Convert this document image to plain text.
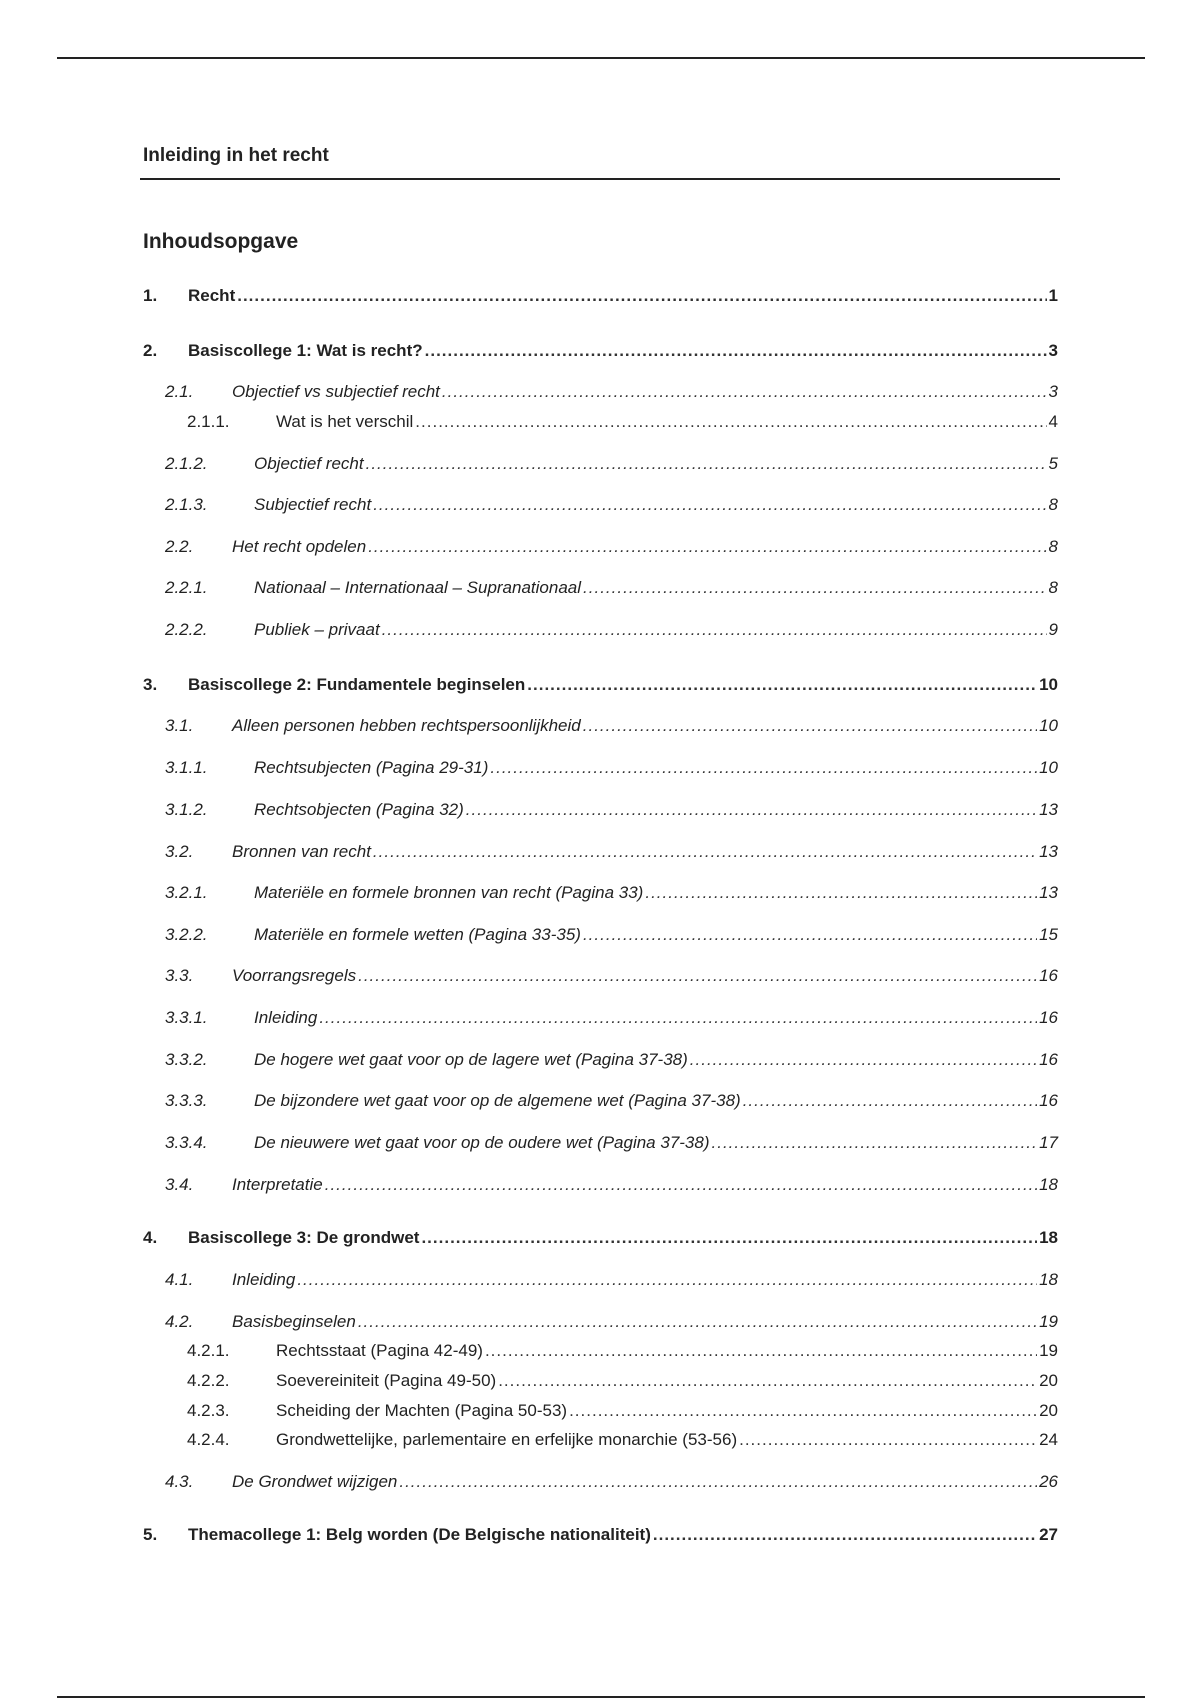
Inleiding in het recht
Inhoudsopgave
1.	Recht .....	1
2.	Basiscollege 1: Wat is recht? .....	3
2.1.	Objectief vs subjectief recht .....	3
2.1.1.	Wat is het verschil .....	4
2.1.2.	Objectief recht .....	5
2.1.3.	Subjectief recht .....	8
2.2.	Het recht opdelen .....	8
2.2.1.	Nationaal – Internationaal – Supranationaal .....	8
2.2.2.	Publiek – privaat .....	9
3.	Basiscollege 2: Fundamentele beginselen .....	10
3.1.	Alleen personen hebben rechtspersoonlijkheid .....	10
3.1.1.	Rechtsubjecten (Pagina 29-31) .....	10
3.1.2.	Rechtsobjecten (Pagina 32) .....	13
3.2.	Bronnen van recht .....	13
3.2.1.	Materiële en formele bronnen van recht (Pagina 33) .....	13
3.2.2.	Materiële en formele wetten (Pagina 33-35) .....	15
3.3.	Voorrangsregels .....	16
3.3.1.	Inleiding .....	16
3.3.2.	De hogere wet gaat voor op de lagere wet (Pagina 37-38) .....	16
3.3.3.	De bijzondere wet gaat voor op de algemene wet (Pagina 37-38) .....	16
3.3.4.	De nieuwere wet gaat voor op de oudere wet (Pagina 37-38) .....	17
3.4.	Interpretatie .....	18
4.	Basiscollege 3: De grondwet .....	18
4.1.	Inleiding .....	18
4.2.	Basisbeginselen .....	19
4.2.1.	Rechtsstaat (Pagina 42-49) .....	19
4.2.2.	Soevereiniteit (Pagina 49-50) .....	20
4.2.3.	Scheiding der Machten (Pagina 50-53) .....	20
4.2.4.	Grondwettelijke, parlementaire en erfelijke monarchie (53-56) .....	24
4.3.	De Grondwet wijzigen .....	26
5.	Themacollege 1: Belg worden (De Belgische nationaliteit) .....	27
